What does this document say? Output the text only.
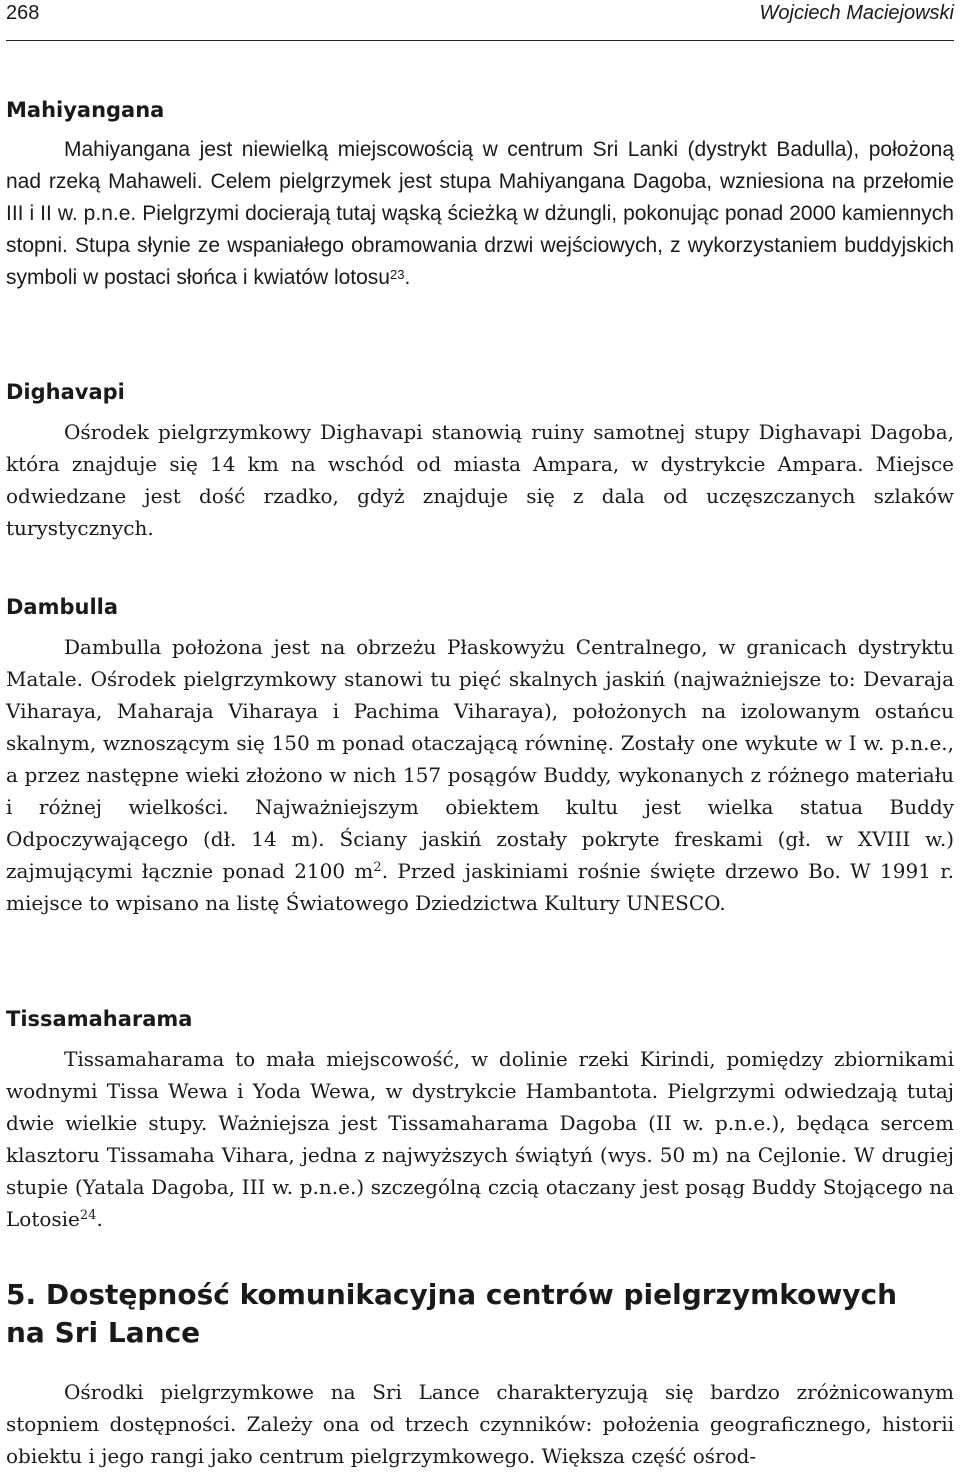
268	Wojciech Maciejowski
Mahiyangana

Mahiyangana jest niewielką miejscowością w centrum Sri Lanki (dystrykt Badulla), położoną nad rzeką Mahaweli. Celem pielgrzymek jest stupa Mahiyangana Dagoba, wzniesiona na przełomie III i II w. p.n.e. Pielgrzymi docierają tutaj wąską ścieżką w dżungli, pokonując ponad 2000 kamiennych stopni. Stupa słynie ze wspaniałego obramowania drzwi wejściowych, z wykorzystaniem buddyjskich symboli w postaci słońca i kwiatów lotosu$^{23}$.

Dighavapi

Ośrodek pielgrzymkowy Dighavapi stanowią ruiny samotnej stupy Dighavapi Dagoba, która znajduje się 14 km na wschód od miasta Ampara, w dystrykcie Ampara. Miejsce odwiedzane jest dość rzadko, gdyż znajduje się z dala od uczęszczanych szlaków turystycznych.

Dambulla

Dambulla położona jest na obrzeżu Płaskowyżu Centralnego, w granicach dystryktu Matale. Ośrodek pielgrzymkowy stanowi tu pięć skalnych jaskiń (najważniejsze to: Devaraja Viharaya, Maharaja Viharaya i Pachima Viharaya), położonych na izolowanym ostańcu skalnym, wznoszącym się 150 m ponad otaczającą równinę. Zostały one wykute w I w. p.n.e., a przez następne wieki złożono w nich 157 posągów Buddy, wykonanych z różnego materiału i różnej wielkości. Najważniejszym obiektem kultu jest wielka statua Buddy Odpoczywającego (dł. 14 m). Ściany jaskiń zostały pokryte freskami (gł. w XVIII w.) zajmującymi łącznie ponad 2100 $m^2$. Przed jaskiniami rośnie święte drzewo Bo. W 1991 r. miejsce to wpisano na listę Światowego Dziedzictwa Kultury UNESCO.

Tissamaharama

Tissamaharama to mała miejscowość, w dolinie rzeki Kirindi, pomiędzy zbiornikami wodnymi Tissa Wewa i Yoda Wewa, w dystrykcie Hambantota. Pielgrzymi odwiedzają tutaj dwie wielkie stupy. Ważniejsza jest Tissamaharama Dagoba (II w. p.n.e.), będąca sercem klasztoru Tissamaha Vihara, jedna z najwyższych świątyń (wys. 50 m) na Cejlonie. W drugiej stupie (Yatala Dagoba, III w. p.n.e.) szczególną czcią otaczany jest posąg Buddy Stojącego na Lotosie$^{24}$.

5. Dostępność komunikacyjna centrów pielgrzymkowych
na Sri Lance

Ośrodki pielgrzymkowe na Sri Lance charakteryzują się bardzo zróżnicowanym stopniem dostępności. Zależy ona od trzech czynników: położenia geograficznego, historii obiektu i jego rangi jako centrum pielgrzymkowego. Większa część ośrod-
